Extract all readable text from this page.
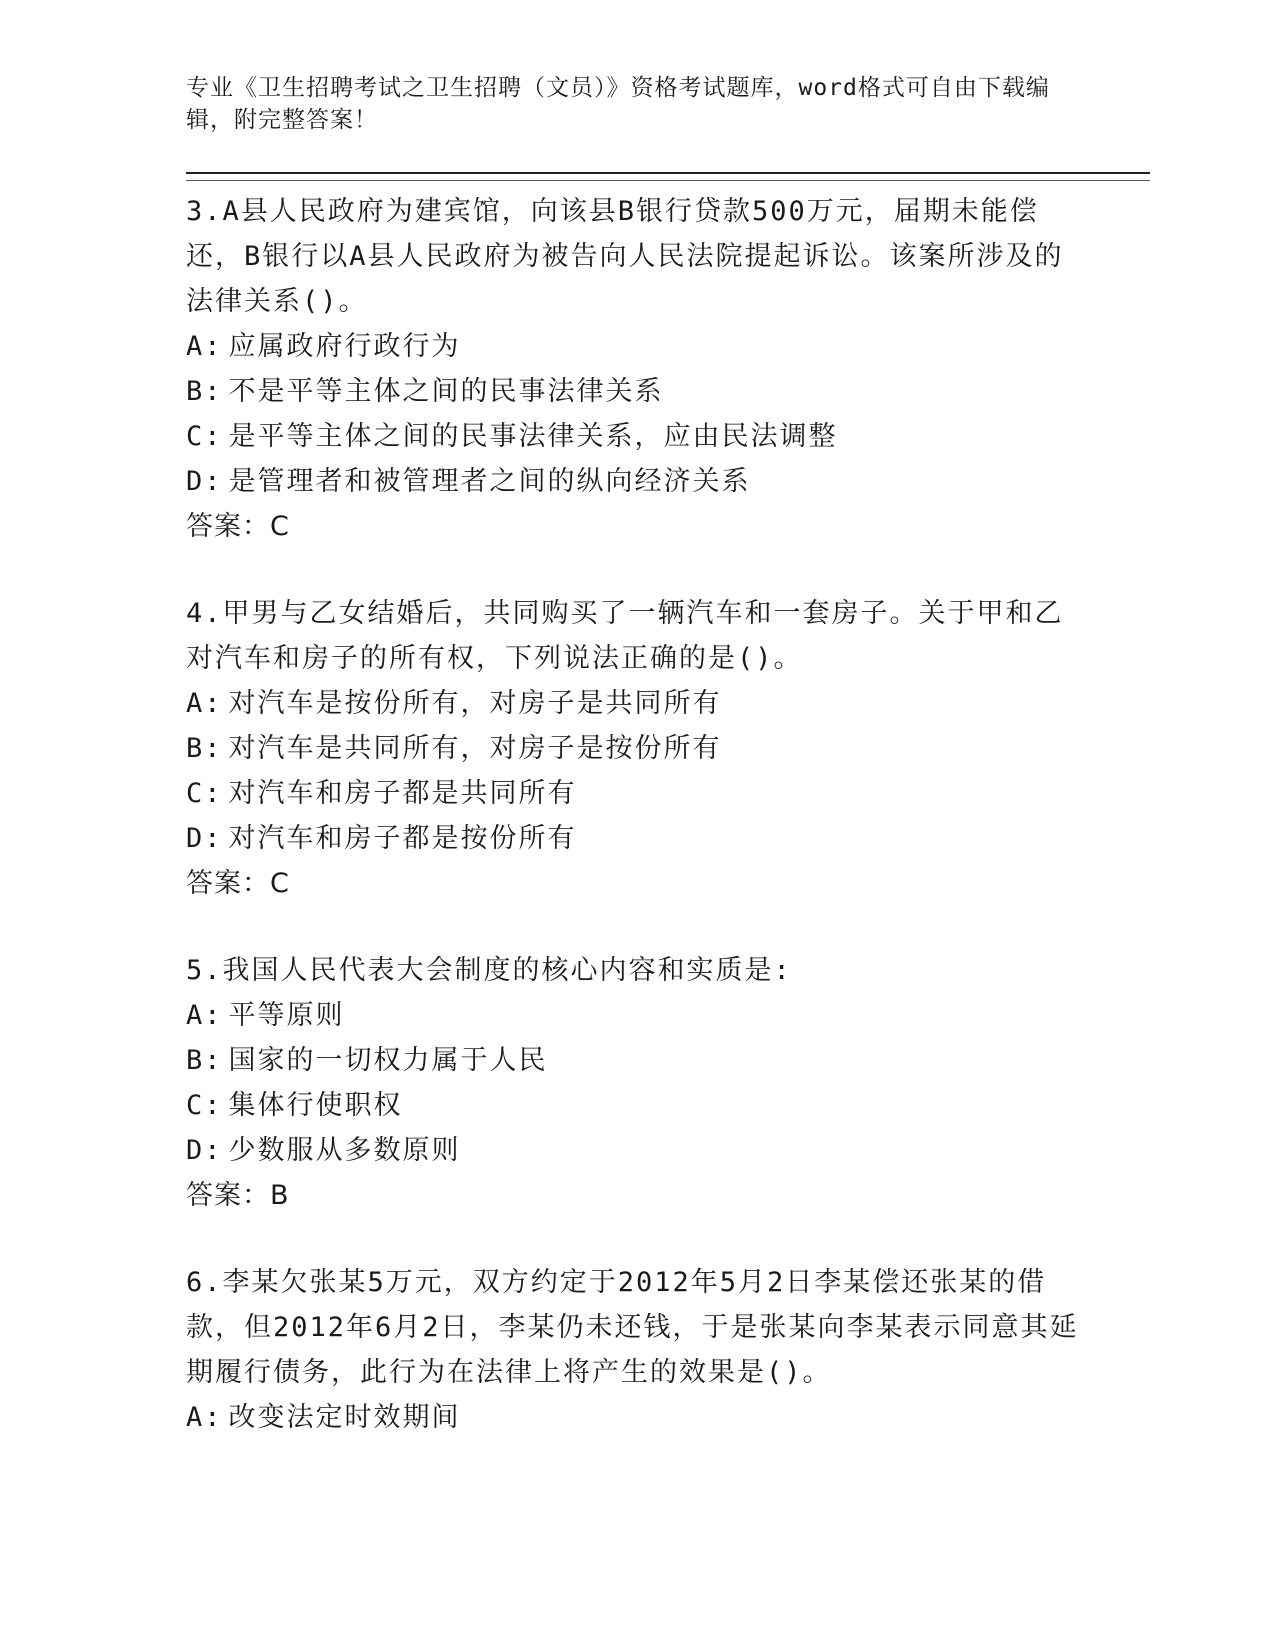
专业《卫生招聘考试之卫生招聘（文员）》资格考试题库，word格式可自由下载编辑，附完整答案！
3.A县人民政府为建宾馆，向该县B银行贷款500万元，届期未能偿还，B银行以A县人民政府为被告向人民法院提起诉讼。该案所涉及的法律关系()。
A: 应属政府行政行为
B: 不是平等主体之间的民事法律关系
C: 是平等主体之间的民事法律关系，应由民法调整
D: 是管理者和被管理者之间的纵向经济关系
答案：C
4.甲男与乙女结婚后，共同购买了一辆汽车和一套房子。关于甲和乙对汽车和房子的所有权，下列说法正确的是()。
A: 对汽车是按份所有，对房子是共同所有
B: 对汽车是共同所有，对房子是按份所有
C: 对汽车和房子都是共同所有
D: 对汽车和房子都是按份所有
答案：C
5.我国人民代表大会制度的核心内容和实质是:
A: 平等原则
B: 国家的一切权力属于人民
C: 集体行使职权
D: 少数服从多数原则
答案：B
6.李某欠张某5万元，双方约定于2012年5月2日李某偿还张某的借款，但2012年6月2日，李某仍未还钱，于是张某向李某表示同意其延期履行债务，此行为在法律上将产生的效果是()。
A: 改变法定时效期间
